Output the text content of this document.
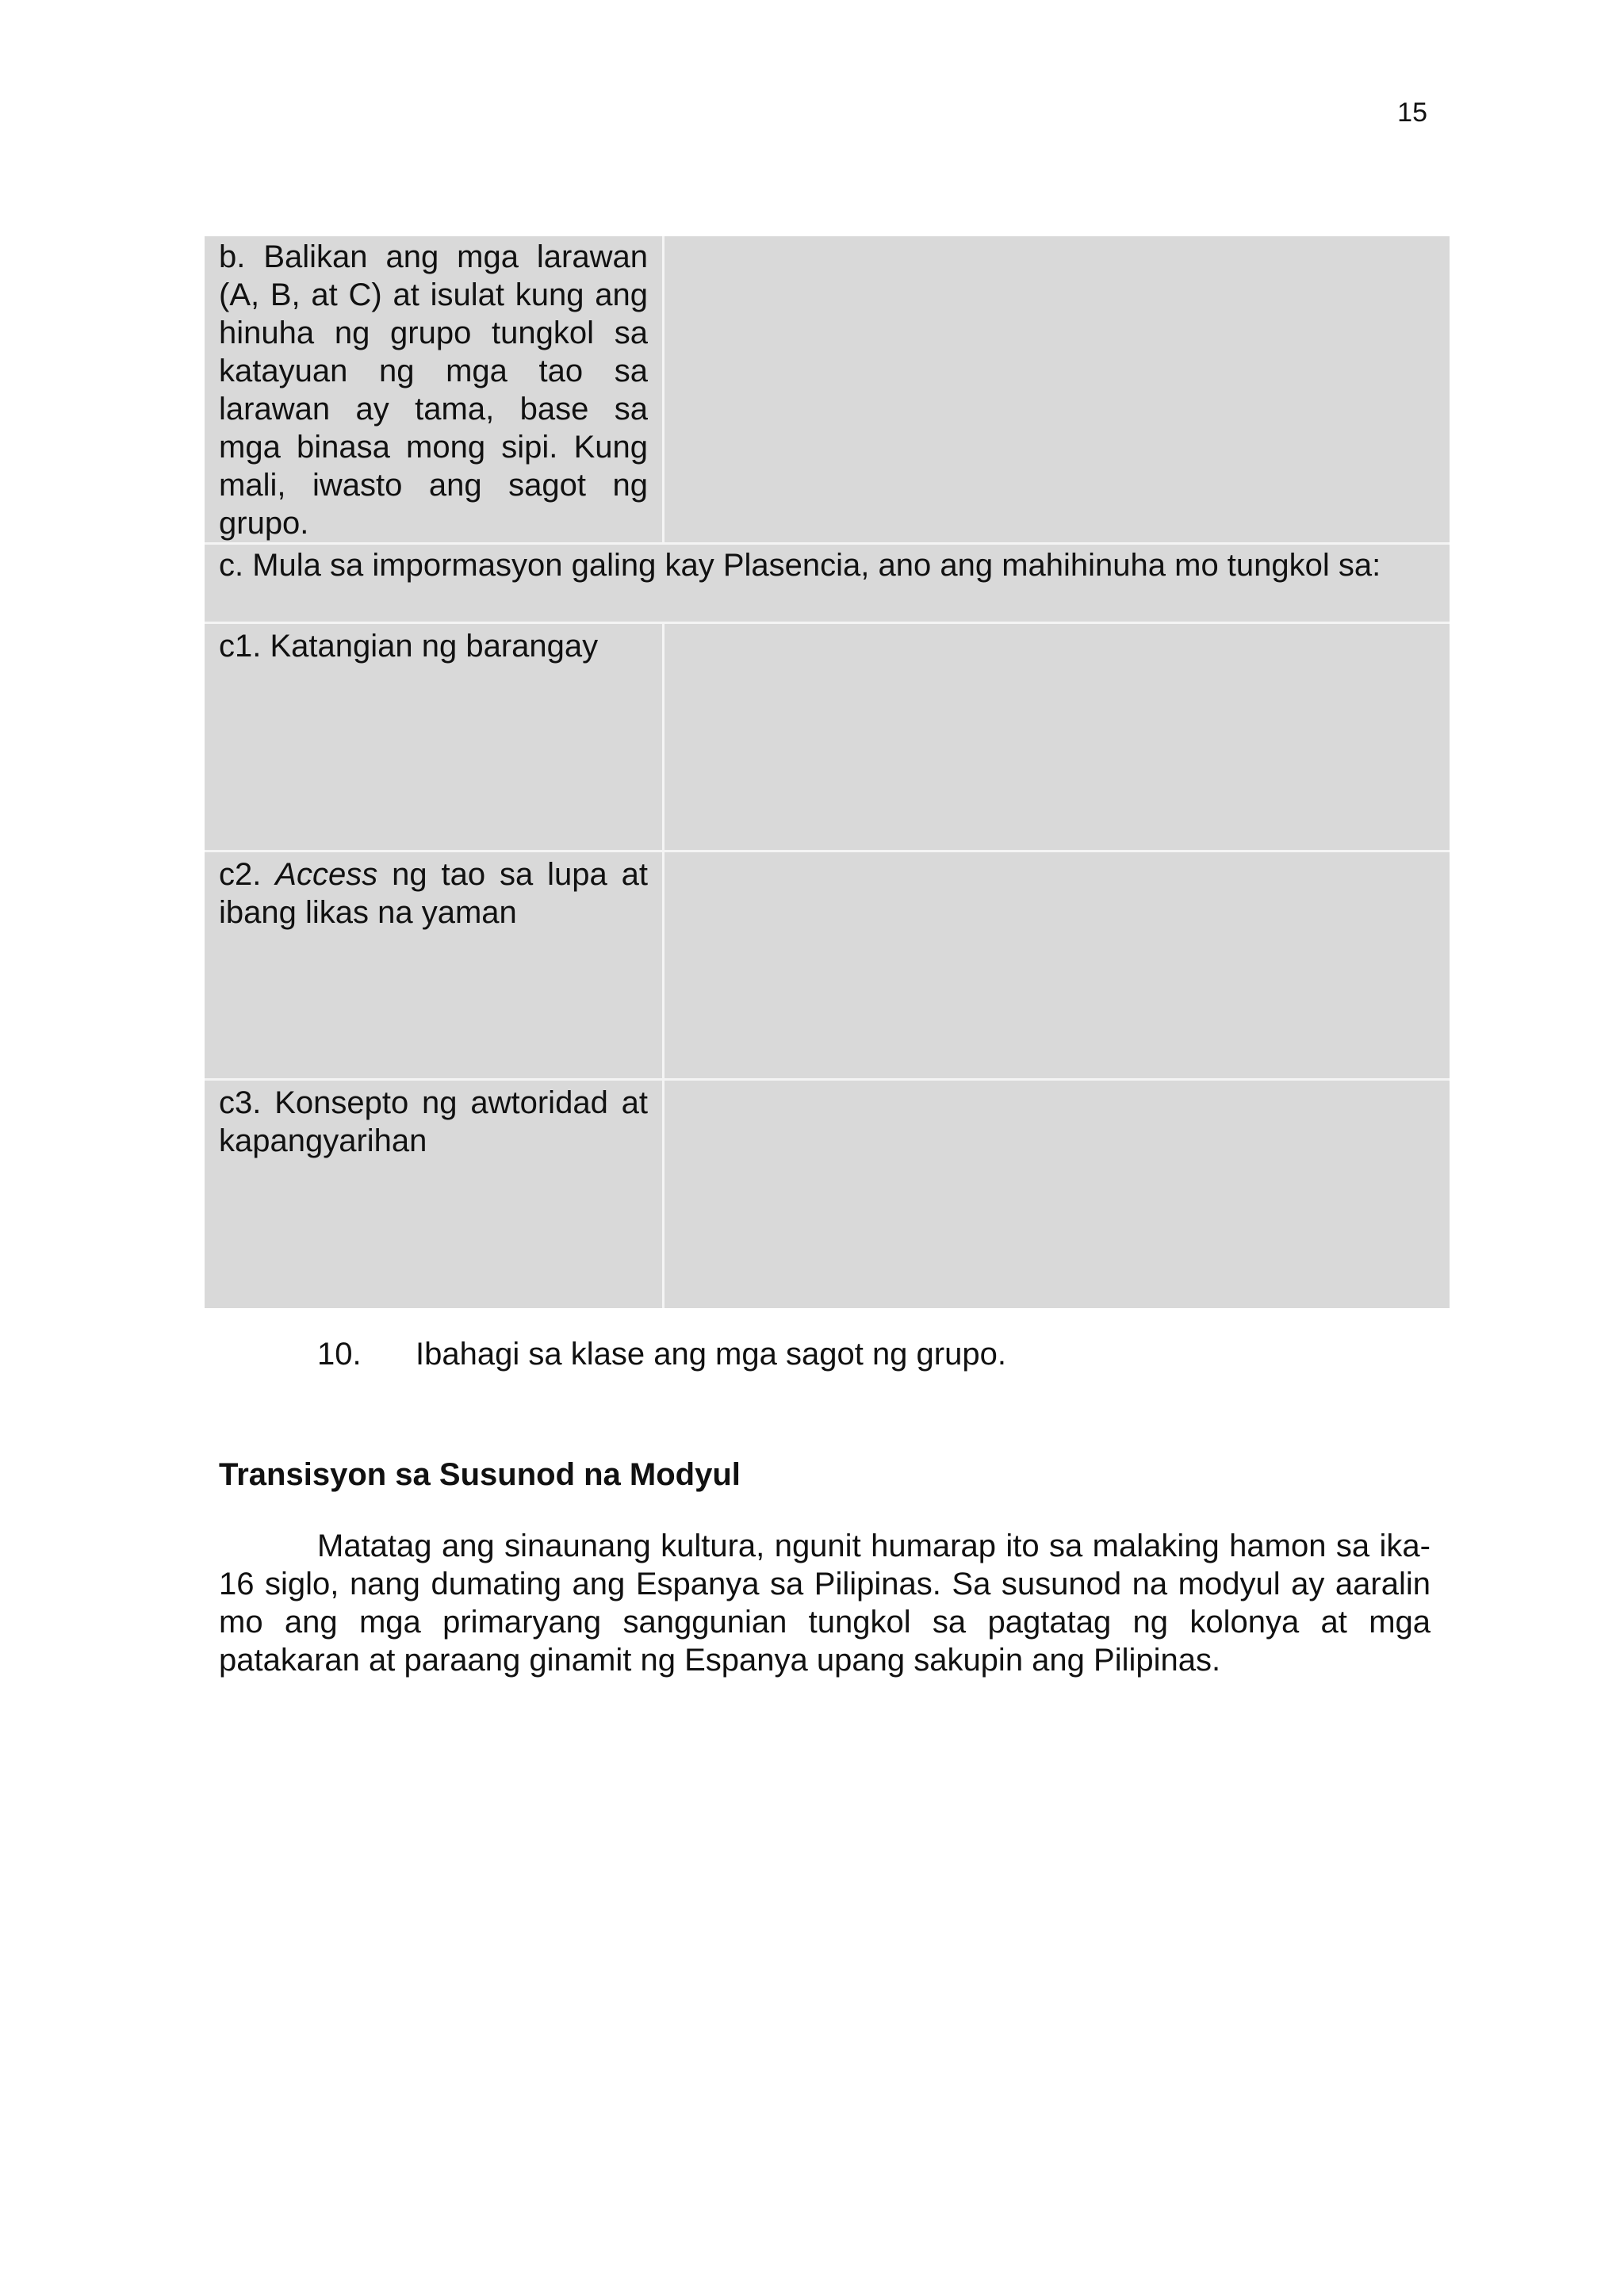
15
b. Balikan ang mga larawan (A, B, at C) at isulat kung ang hinuha ng grupo tungkol sa katayuan ng mga tao sa larawan ay tama, base sa mga binasa mong sipi. Kung mali, iwasto ang sagot ng grupo.	
c. Mula sa impormasyon galing kay Plasencia, ano ang mahihinuha mo tungkol sa:	
c1. Katangian ng barangay	
c2. Access ng tao sa lupa at ibang likas na yaman	
c3. Konsepto ng awtoridad at kapangyarihan	
10. Ibahagi sa klase ang mga sagot ng grupo.
Transisyon sa Susunod na Modyul

Matatag ang sinaunang kultura, ngunit humarap ito sa malaking hamon sa ika-16 siglo, nang dumating ang Espanya sa Pilipinas. Sa susunod na modyul ay aaralin mo ang mga primaryang sanggunian tungkol sa pagtatag ng kolonya at mga patakaran at paraang ginamit ng Espanya upang sakupin ang Pilipinas.
